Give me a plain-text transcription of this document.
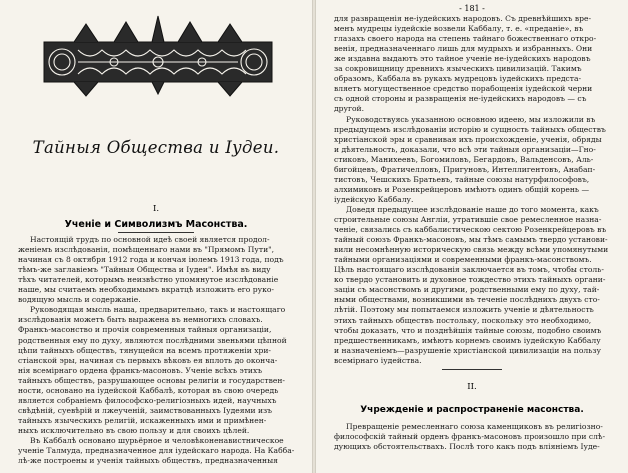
Тайныя Общества и Іудеи.
I.
Ученіе и Символизмъ Масонства.
Настоящій трудъ по основной идеѣ своей является продол-
женіемъ изслѣдованія, помѣщеннаго нами въ "Прямомъ Пути",
начиная съ 8 октября 1912 года и кончая іюлемъ 1913 года, подъ
тѣмъ-же заглавіемъ "Тайныя Общества и Іудеи". Имѣя въ виду
тѣхъ читателей, которымъ неизвѣстно упомянутое изслѣдованіе
наше, мы считаемъ необходимымъ вкратцѣ изложить его руко-
водящую мысль и содержаніе.
Руководящая мысль наша, предварительно, такъ и настоящаго
изслѣдованія можетъ быть выражена въ немногихъ словахъ.
Франкъ-масонство и прочія современныя тайныя организаціи,
родственныя ему по духу, являются послѣдними звеньями цѣпной
цѣпи тайныхъ обществъ, тянущейся на всемъ протяженіи хри-
стіанской эры, начиная съ первыхъ вѣковъ ея вплоть до оконча-
нія всемірнаго ордена франкъ-масоновъ. Ученіе всѣхъ этихъ
тайныхъ обществъ, разрушающее основы религіи и государствен-
ности, основано на іудейской Каббалѣ, которая въ свою очередь
является собраніемъ философско-религіозныхъ идей, научныхъ
свѣдѣній, суевѣрій и лжеученій, заимствованныхъ Іудеями изъ
тайныхъ языческихъ религій, искаженныхъ ими и примѣнен-
ныхъ исключительно въ свою пользу и для своихъ цѣлей.
Въ Каббалѣ основано шурьёрное и человѣконенавистническое
ученіе Талмуда, предназначенное для іудейскаго народа. На Кабба-
лѣ-же построены и ученія тайныхъ обществъ, предназначенныя
- 181 -
для развращенія не-іудейскихъ народовъ. Съ древнѣйшихъ вре-
менъ мудрецы іудейскіе возвели Каббалу, т. е. «преданіе», въ
глазахъ своего народа на степень тайнаго божественнаго откро-
венія, предназначеннаго лишь для мудрыхъ и избранныхъ. Они
же издавна выдаютъ это тайное ученіе не-іудейскихъ народовъ
за сокровищницу древнихъ языческихъ цивилизацій. Такимъ
образомъ, Каббала въ рукахъ мудрецовъ іудейскихъ предста-
вляетъ могущественное средство порабощенія іудейской черни
съ одной стороны и развращенія не-іудейскихъ народовъ — съ
другой.
Руководствуясь указанною основною идеею, мы изложили въ
предыдущемъ изслѣдованіи исторію и сущность тайныхъ обществъ
христіанской эры и сравнивая ихъ происхожденіе, ученія, обряды
и дѣятельность, доказали, что всѣ эти тайныя организаціи—Гно-
стиковъ, Манихеевъ, Богомиловъ, Бегардовъ, Вальденсовъ, Аль-
бигойцевъ, Фратичелловъ, Пригуновъ, Интеллигентовъ, Анабап-
тистовъ, Чешскихъ Братьевъ, тайные союзы натурфилософовъ,
алхимиковъ и Розенкрейцеровъ имѣютъ одинъ общій корень —
іудейскую Каббалу.
Доведя предыдущее изслѣдованіе наше до того момента, какъ
строительные союзы Англіи, утратившіе свое ремесленное назна-
ченіе, связались съ каббалистическою сектою Розенкрейцеровъ въ
тайный союзъ Франкъ-масоновъ, мы тѣмъ самымъ твердо установи-
вили несомнѣнную историческую связь между всѣми упомянутыми
тайными организаціями и современными франкъ-масонствомъ.
Цѣль настоящаго изслѣдованія заключается въ томъ, чтобы столь-
ко твердо установить и духовное тождество этихъ тайныхъ органи-
заціи съ масонствомъ и другими, родственными ему по духу, тай-
ными обществами, возникшими въ теченіе послѣднихъ двухъ сто-
лѣтій. Поэтому мы попытаемся изложить ученіе и дѣятельность
этихъ тайныхъ обществъ постольку, поскольку это необходимо,
чтобы доказать, что и позднѣйшія тайные союзы, подобно своимъ
предшественникамъ, имѣютъ корнемъ своимъ іудейскую Каббалу
и назначеніемъ—разрушеніе христіанской цивилизаціи на пользу
всемірнаго іудейства.
II.
Учрежденіе и распространеніе масонства.
Превращеніе ремесленнаго союза каменщиковъ въ религіозно-
философскій тайный орденъ франкъ-масоновъ произошло при слѣ-
дующихъ обстоятельствахъ. Послѣ того какъ подъ вліяніемъ Іуде-
